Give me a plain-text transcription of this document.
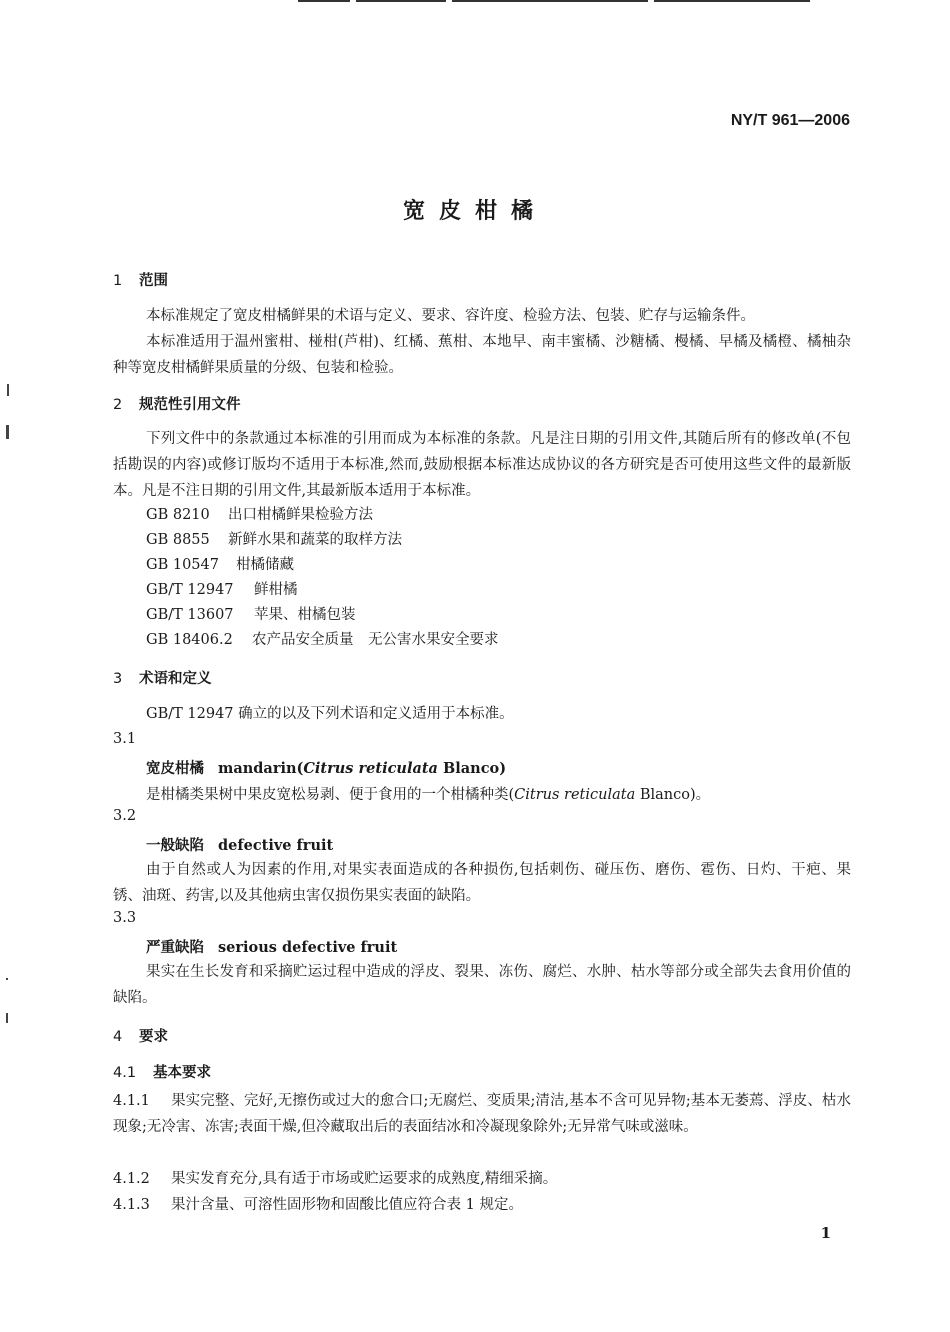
NY/T 961—2006
宽皮柑橘
1 范围
本标准规定了宽皮柑橘鲜果的术语与定义、要求、容许度、检验方法、包装、贮存与运输条件。
本标准适用于温州蜜柑、椪柑(芦柑)、红橘、蕉柑、本地早、南丰蜜橘、沙糖橘、槾橘、早橘及橘橙、橘柚杂种等宽皮柑橘鲜果质量的分级、包装和检验。
2 规范性引用文件
下列文件中的条款通过本标准的引用而成为本标准的条款。凡是注日期的引用文件,其随后所有的修改单(不包括勘误的内容)或修订版均不适用于本标准,然而,鼓励根据本标准达成协议的各方研究是否可使用这些文件的最新版本。凡是不注日期的引用文件,其最新版本适用于本标准。
GB 8210 出口柑橘鲜果检验方法
GB 8855 新鲜水果和蔬菜的取样方法
GB 10547 柑橘储藏
GB/T 12947 鲜柑橘
GB/T 13607 苹果、柑橘包装
GB 18406.2 农产品安全质量　无公害水果安全要求
3 术语和定义
GB/T 12947 确立的以及下列术语和定义适用于本标准。
3.1
宽皮柑橘 mandarin(Citrus reticulata Blanco)
是柑橘类果树中果皮宽松易剥、便于食用的一个柑橘种类(Citrus reticulata Blanco)。
3.2
一般缺陷 defective fruit
由于自然或人为因素的作用,对果实表面造成的各种损伤,包括刺伤、碰压伤、磨伤、雹伤、日灼、干疤、果锈、油斑、药害,以及其他病虫害仅损伤果实表面的缺陷。
3.3
严重缺陷 serious defective fruit
果实在生长发育和采摘贮运过程中造成的浮皮、裂果、冻伤、腐烂、水肿、枯水等部分或全部失去食用价值的缺陷。
4 要求
4.1 基本要求
4.1.1 果实完整、完好,无擦伤或过大的愈合口;无腐烂、变质果;清洁,基本不含可见异物;基本无萎蔫、浮皮、枯水现象;无冷害、冻害;表面干燥,但冷藏取出后的表面结冰和冷凝现象除外;无异常气味或滋味。
4.1.2 果实发育充分,具有适于市场或贮运要求的成熟度,精细采摘。
4.1.3 果汁含量、可溶性固形物和固酸比值应符合表 1 规定。
1
